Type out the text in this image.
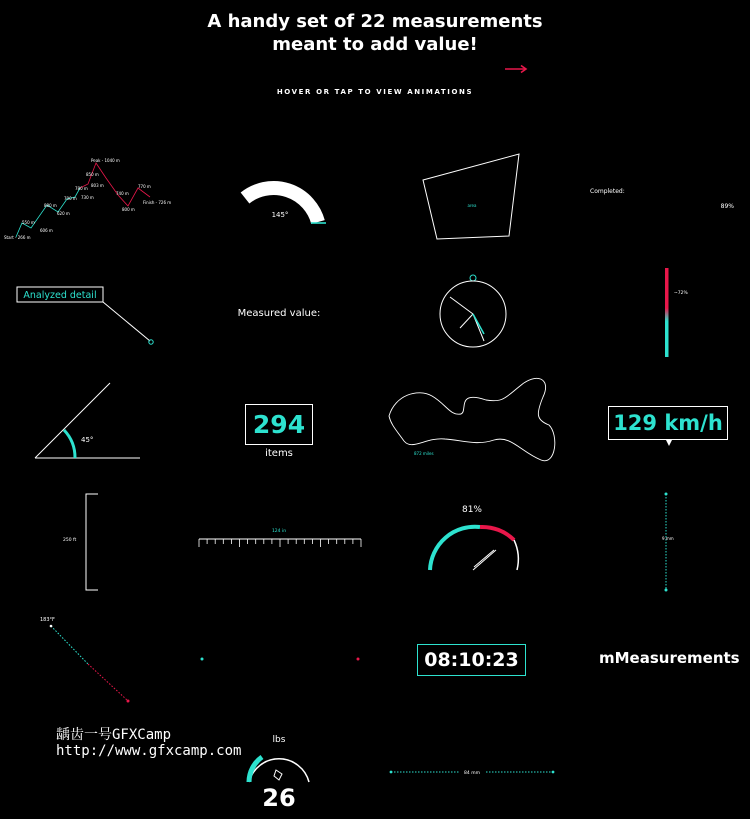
A handy set of 22 measurements
meant to add value!
Start - 266 m
550 m
606 m
880 m
620 m
700 m
780 m
730 m
850 m
803 m
Peak - 1040 m
740 m
800 m
770 m
Finish - 726 m
145°
area
Completed:
89%
Analyzed detail
Measured value:
~72%
45°
872 miles
250 ft
124 in
81%
9 mm
183°F
lbs
84 mm
HOVER OR TAP TO VIEW ANIMATIONS
294
items
129 km/h
08:10:23	mMeasurements
26
龋齿一号GFXCamp
http://www.gfxcamp.com
